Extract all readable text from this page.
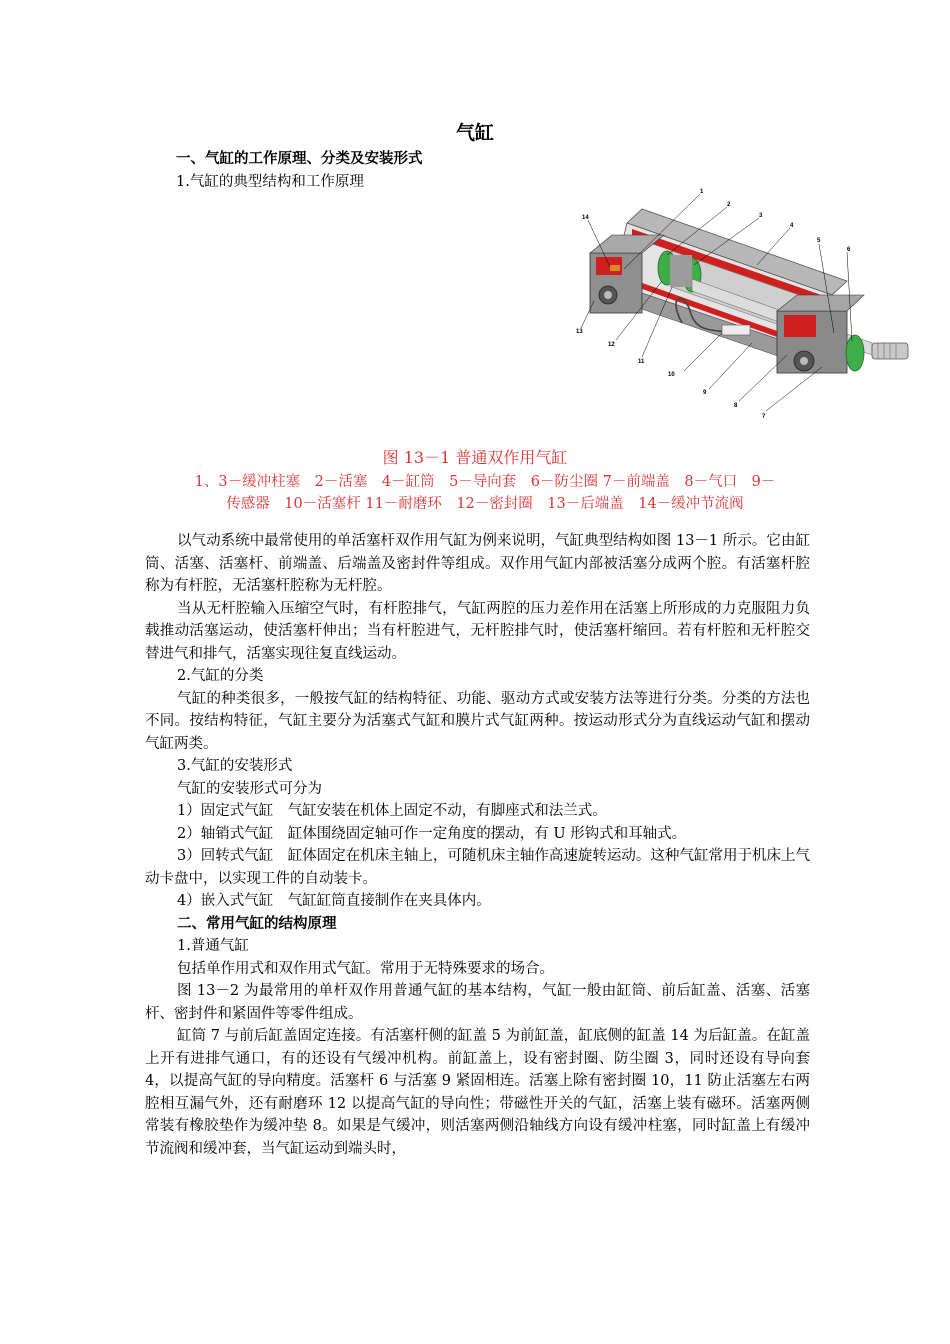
气缸
一、气缸的工作原理、分类及安装形式
1.气缸的典型结构和工作原理
1
2
3
4
5
6
7
8
9
10
11
12
13
14
图 13－1 普通双作用气缸
1、3－缓冲柱塞　2－活塞　4－缸筒　5－导向套　6－防尘圈 7－前端盖　8－气口　9－
传感器　10－活塞杆 11－耐磨环　12－密封圈　13－后端盖　14－缓冲节流阀

以气动系统中最常使用的单活塞杆双作用气缸为例来说明，气缸典型结构如图 13－1 所示。它由缸筒、活塞、活塞杆、前端盖、后端盖及密封件等组成。双作用气缸内部被活塞分成两个腔。有活塞杆腔称为有杆腔，无活塞杆腔称为无杆腔。

当从无杆腔输入压缩空气时，有杆腔排气，气缸两腔的压力差作用在活塞上所形成的力克服阻力负载推动活塞运动，使活塞杆伸出；当有杆腔进气，无杆腔排气时，使活塞杆缩回。若有杆腔和无杆腔交替进气和排气，活塞实现往复直线运动。

2.气缸的分类

气缸的种类很多，一般按气缸的结构特征、功能、驱动方式或安装方法等进行分类。分类的方法也不同。按结构特征，气缸主要分为活塞式气缸和膜片式气缸两种。按运动形式分为直线运动气缸和摆动气缸两类。

3.气缸的安装形式

气缸的安装形式可分为

1）固定式气缸　气缸安装在机体上固定不动，有脚座式和法兰式。

2）轴销式气缸　缸体围绕固定轴可作一定角度的摆动，有 U 形钩式和耳轴式。

3）回转式气缸　缸体固定在机床主轴上，可随机床主轴作高速旋转运动。这种气缸常用于机床上气动卡盘中，以实现工件的自动装卡。

4）嵌入式气缸　气缸缸筒直接制作在夹具体内。

二、常用气缸的结构原理

1.普通气缸

包括单作用式和双作用式气缸。常用于无特殊要求的场合。

图 13－2 为最常用的单杆双作用普通气缸的基本结构，气缸一般由缸筒、前后缸盖、活塞、活塞杆、密封件和紧固件等零件组成。

缸筒 7 与前后缸盖固定连接。有活塞杆侧的缸盖 5 为前缸盖，缸底侧的缸盖 14 为后缸盖。在缸盖上开有进排气通口，有的还设有气缓冲机构。前缸盖上，设有密封圈、防尘圈 3，同时还设有导向套 4，以提高气缸的导向精度。活塞杆 6 与活塞 9 紧固相连。活塞上除有密封圈 10，11 防止活塞左右两腔相互漏气外，还有耐磨环 12 以提高气缸的导向性；带磁性开关的气缸，活塞上装有磁环。活塞两侧常装有橡胶垫作为缓冲垫 8。如果是气缓冲，则活塞两侧沿轴线方向设有缓冲柱塞，同时缸盖上有缓冲节流阀和缓冲套，当气缸运动到端头时，
